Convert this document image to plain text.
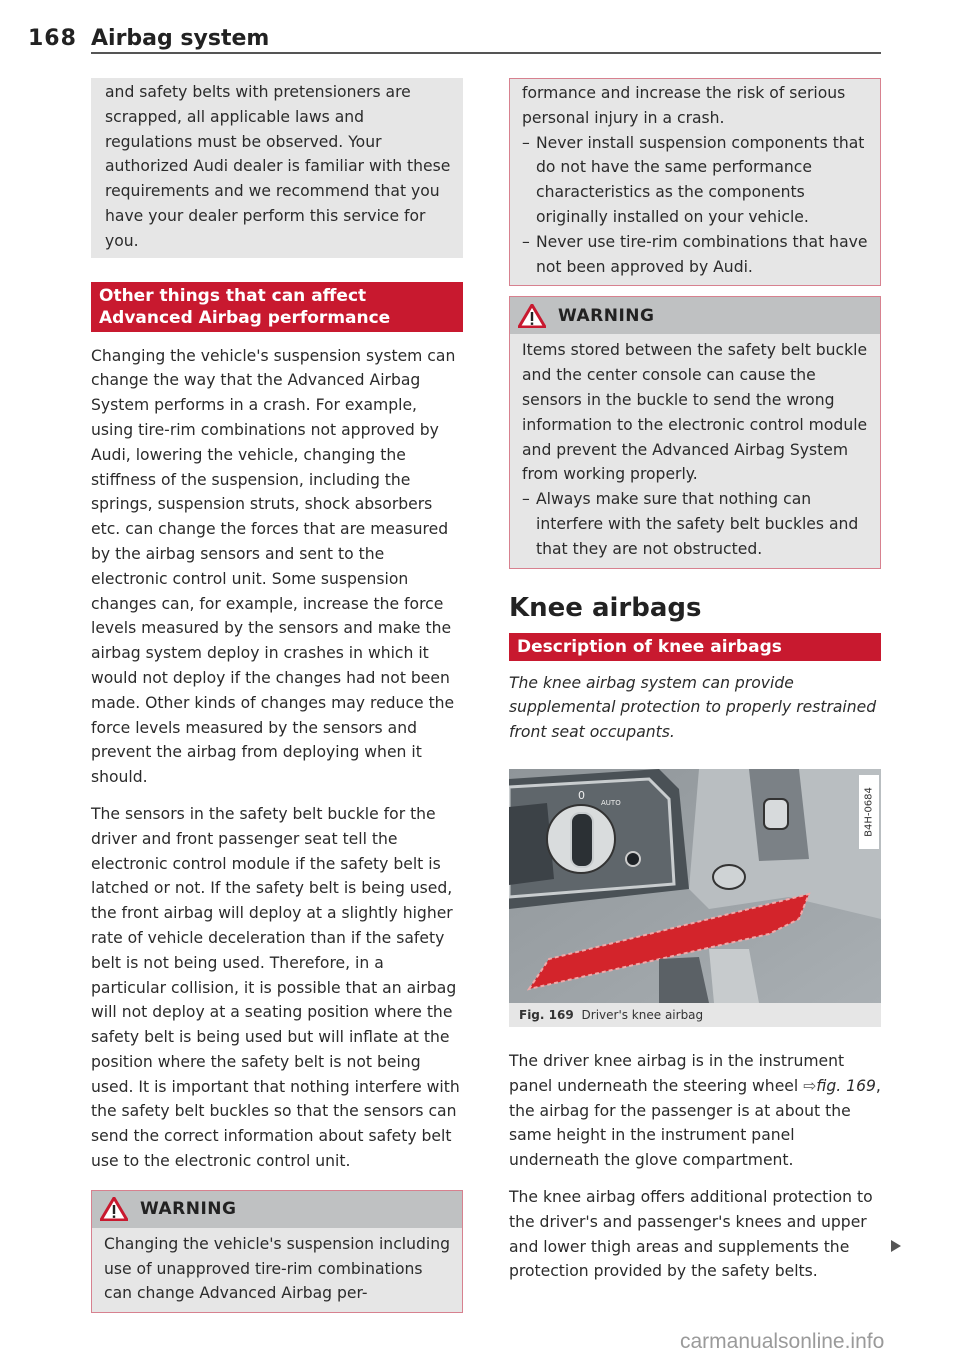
168 Airbag system

and safety belts with pretensioners are scrapped, all applicable laws and regulations must be observed. Your authorized Audi dealer is familiar with these requirements and we recommend that you have your dealer perform this service for you.

Other things that can affect Advanced Airbag performance

Changing the vehicle's suspension system can change the way that the Advanced Airbag System performs in a crash. For example, using tire-rim combinations not approved by Audi, lowering the vehicle, changing the stiffness of the suspension, including the springs, suspension struts, shock absorbers etc. can change the forces that are measured by the airbag sensors and sent to the electronic control unit. Some suspension changes can, for example, increase the force levels measured by the sensors and make the airbag system deploy in crashes in which it would not deploy if the changes had not been made. Other kinds of changes may reduce the force levels measured by the sensors and prevent the airbag from deploying when it should.

The sensors in the safety belt buckle for the driver and front passenger seat tell the electronic control module if the safety belt is latched or not. If the safety belt is being used, the front airbag will deploy at a slightly higher rate of vehicle deceleration than if the safety belt is not being used. Therefore, in a particular collision, it is possible that an airbag will not deploy at a seating position where the safety belt is being used but will inflate at the position where the safety belt is not being used. It is important that nothing interfere with the safety belt buckles so that the sensors can send the correct information about safety belt use to the electronic control unit.

WARNING

Changing the vehicle's suspension including use of unapproved tire-rim combinations can change Advanced Airbag per-

formance and increase the risk of serious personal injury in a crash.

– Never install suspension components that do not have the same performance characteristics as the components originally installed on your vehicle.
– Never use tire-rim combinations that have not been approved by Audi.
WARNING

Items stored between the safety belt buckle and the center console can cause the sensors in the buckle to send the wrong information to the electronic control module and prevent the Advanced Airbag System from working properly.

– Always make sure that nothing can interfere with the safety belt buckles and that they are not obstructed.
Knee airbags
Description of knee airbags

The knee airbag system can provide supplemental protection to properly restrained front seat occupants.

0
AUTO	B4H-0684
Fig. 169 Driver's knee airbag

The driver knee airbag is in the instrument panel underneath the steering wheel ⇨fig. 169, the airbag for the passenger is at about the same height in the instrument panel underneath the glove compartment.

The knee airbag offers additional protection to the driver's and passenger's knees and upper and lower thigh areas and supplements the protection provided by the safety belts.

carmanualsonline.info
